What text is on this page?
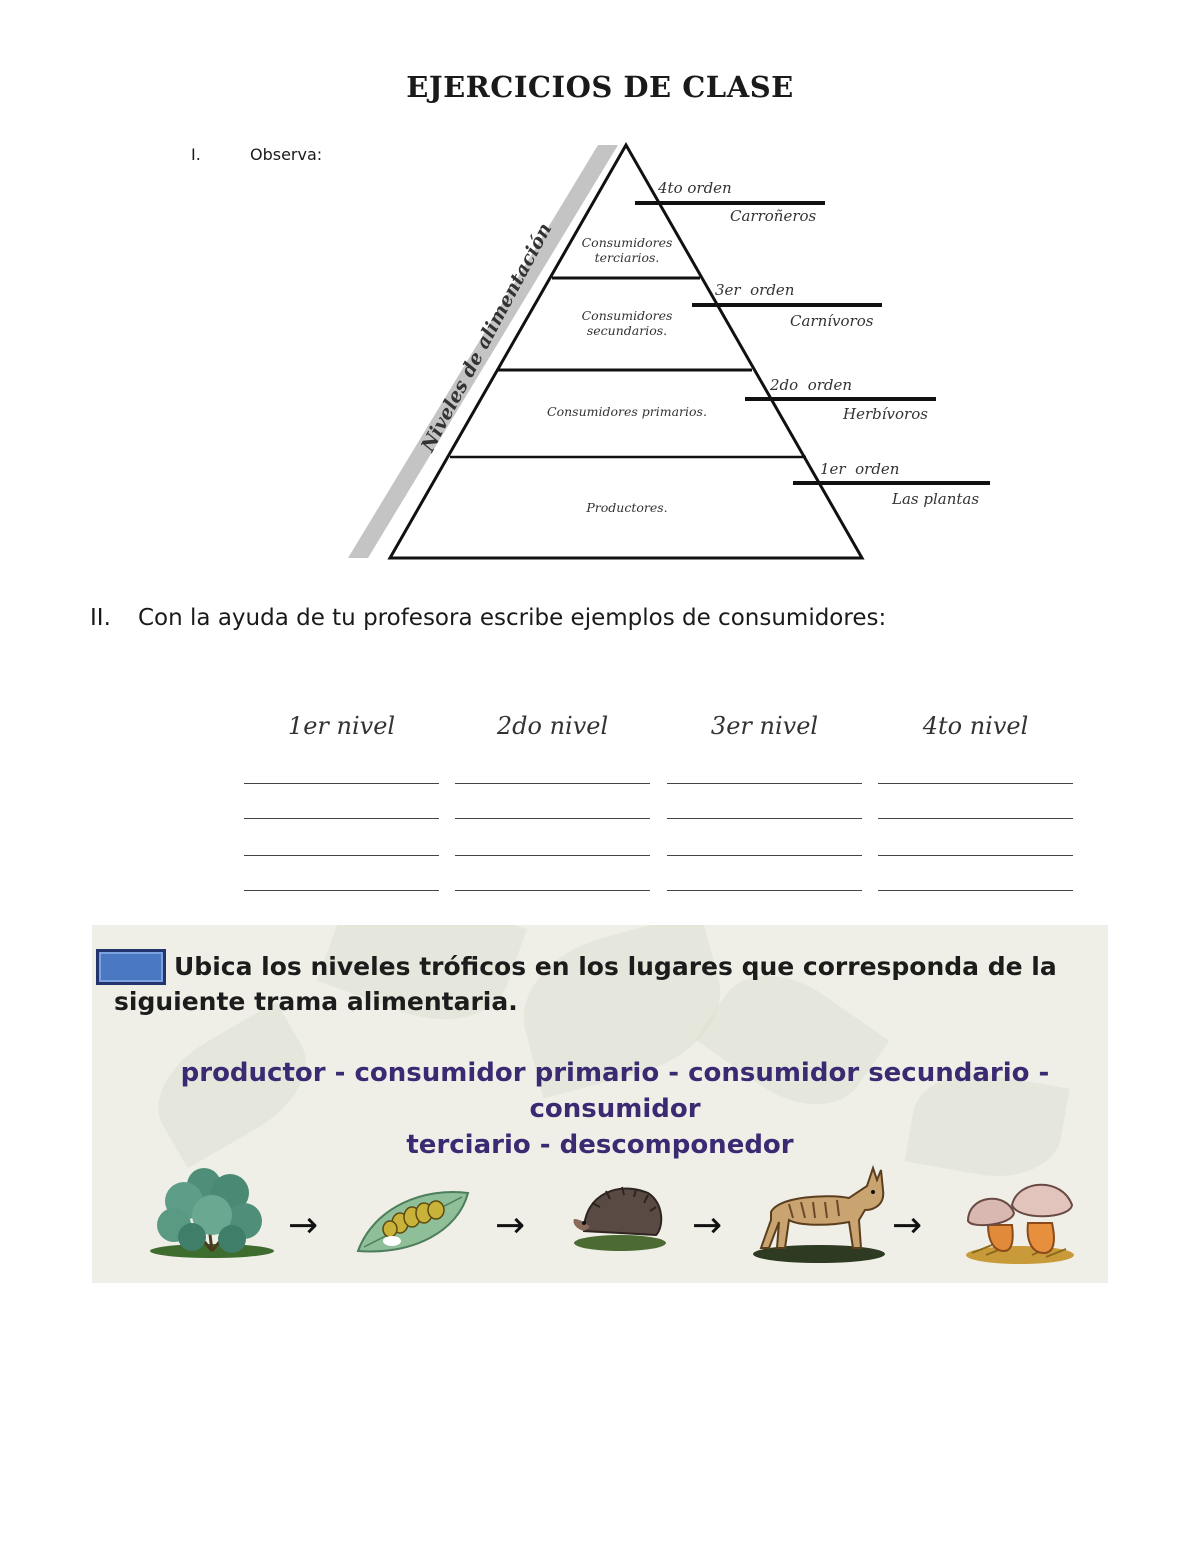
EJERCICIOS DE CLASE
I.	Observa:
Niveles de alimentación Consumidores terciarios.
Consumidores secundarios.
Consumidores primarios.
Productores.
4to orden
Carroñeros
3er  orden
Carnívoros
2do  orden
Herbívoros
1er  orden
Las plantas
II. Con la ayuda de tu profesora escribe ejemplos de consumidores:
1er nivel	2do nivel	3er nivel	4to nivel
Ubica los niveles tróficos en los lugares que corresponda de la siguiente trama alimentaria.
productor - consumidor primario - consumidor secundario - consumidor
terciario - descomponedor
→	→	→	→
